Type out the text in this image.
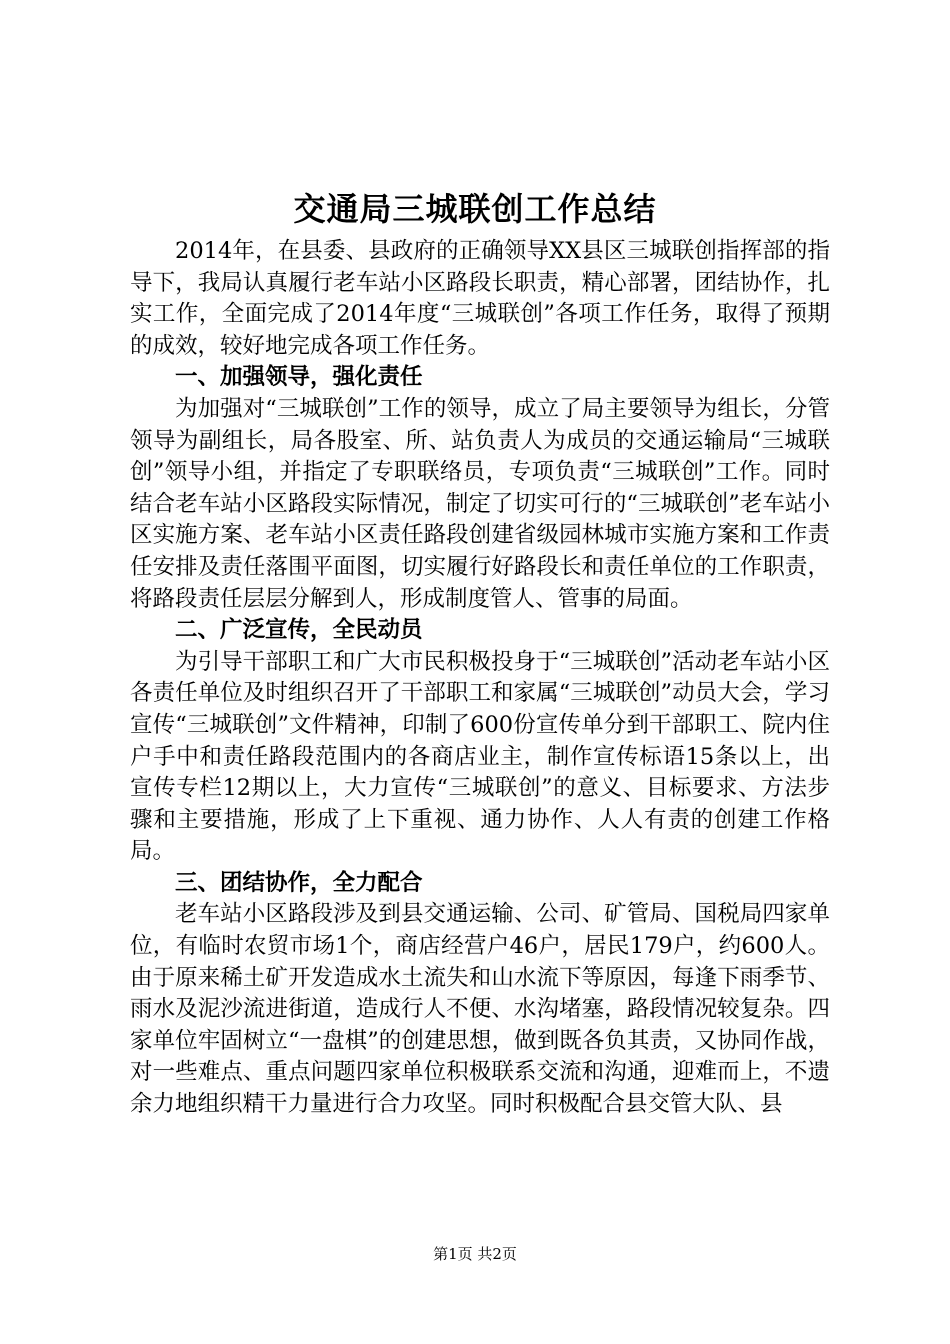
交通局三城联创工作总结

2014年，在县委、县政府的正确领导XX县区三城联创指挥部的指导下，我局认真履行老车站小区路段长职责，精心部署，团结协作，扎实工作，全面完成了2014年度“三城联创”各项工作任务，取得了预期的成效，较好地完成各项工作任务。

一、加强领导，强化责任

为加强对“三城联创”工作的领导，成立了局主要领导为组长，分管领导为副组长，局各股室、所、站负责人为成员的交通运输局“三城联创”领导小组，并指定了专职联络员，专项负责“三城联创”工作。同时结合老车站小区路段实际情况，制定了切实可行的“三城联创”老车站小区实施方案、老车站小区责任路段创建省级园林城市实施方案和工作责任安排及责任落围平面图，切实履行好路段长和责任单位的工作职责，将路段责任层层分解到人，形成制度管人、管事的局面。

二、广泛宣传，全民动员

为引导干部职工和广大市民积极投身于“三城联创”活动老车站小区各责任单位及时组织召开了干部职工和家属“三城联创”动员大会，学习宣传“三城联创”文件精神，印制了600份宣传单分到干部职工、院内住户手中和责任路段范围内的各商店业主，制作宣传标语15条以上，出宣传专栏12期以上，大力宣传“三城联创”的意义、目标要求、方法步骤和主要措施，形成了上下重视、通力协作、人人有责的创建工作格局。

三、团结协作，全力配合

老车站小区路段涉及到县交通运输、公司、矿管局、国税局四家单位，有临时农贸市场1个，商店经营户46户，居民179户，约600人。由于原来稀土矿开发造成水土流失和山水流下等原因，每逢下雨季节、雨水及泥沙流进街道，造成行人不便、水沟堵塞，路段情况较复杂。四家单位牢固树立“一盘棋”的创建思想，做到既各负其责，又协同作战，对一些难点、重点问题四家单位积极联系交流和沟通，迎难而上，不遗余力地组织精干力量进行合力攻坚。同时积极配合县交管大队、县

第1页 共2页
